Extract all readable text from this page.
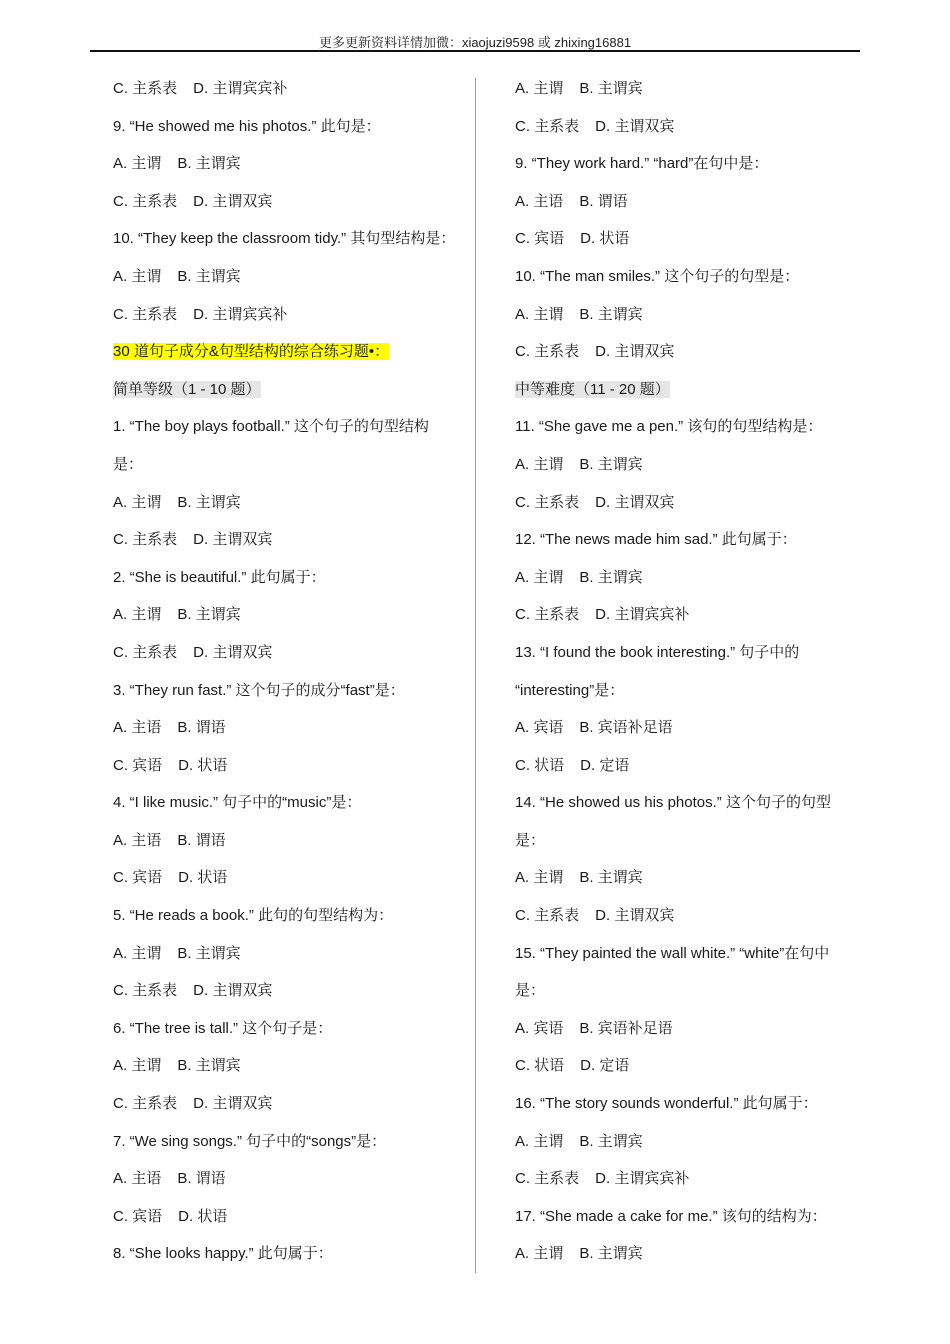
更多更新资料详情加微：xiaojuzi9598 或 zhixing16881
C. 主系表 D. 主谓宾宾补
9. “He showed me his photos.” 此句是：
A. 主谓 B. 主谓宾
C. 主系表 D. 主谓双宾
10. “They keep the classroom tidy.” 其句型结构是：
A. 主谓 B. 主谓宾
C. 主系表 D. 主谓宾宾补
30 道句子成分&句型结构的综合练习题•：
简单等级（1 - 10 题）
1. “The boy plays football.” 这个句子的句型结构
是：
A. 主谓 B. 主谓宾
C. 主系表 D. 主谓双宾
2. “She is beautiful.” 此句属于：
A. 主谓 B. 主谓宾
C. 主系表 D. 主谓双宾
3. “They run fast.” 这个句子的成分“fast”是：
A. 主语 B. 谓语
C. 宾语 D. 状语
4. “I like music.” 句子中的“music”是：
A. 主语 B. 谓语
C. 宾语 D. 状语
5. “He reads a book.” 此句的句型结构为：
A. 主谓 B. 主谓宾
C. 主系表 D. 主谓双宾
6. “The tree is tall.” 这个句子是：
A. 主谓 B. 主谓宾
C. 主系表 D. 主谓双宾
7. “We sing songs.” 句子中的“songs”是：
A. 主语 B. 谓语
C. 宾语 D. 状语
8. “She looks happy.” 此句属于：
A. 主谓 B. 主谓宾
C. 主系表 D. 主谓双宾
9. “They work hard.” “hard”在句中是：
A. 主语 B. 谓语
C. 宾语 D. 状语
10. “The man smiles.” 这个句子的句型是：
A. 主谓 B. 主谓宾
C. 主系表 D. 主谓双宾
中等难度（11 - 20 题）
11. “She gave me a pen.” 该句的句型结构是：
A. 主谓 B. 主谓宾
C. 主系表 D. 主谓双宾
12. “The news made him sad.” 此句属于：
A. 主谓 B. 主谓宾
C. 主系表 D. 主谓宾宾补
13. “I found the book interesting.” 句子中的
“interesting”是：
A. 宾语 B. 宾语补足语
C. 状语 D. 定语
14. “He showed us his photos.” 这个句子的句型
是：
A. 主谓 B. 主谓宾
C. 主系表 D. 主谓双宾
15. “They painted the wall white.” “white”在句中
是：
A. 宾语 B. 宾语补足语
C. 状语 D. 定语
16. “The story sounds wonderful.” 此句属于：
A. 主谓 B. 主谓宾
C. 主系表 D. 主谓宾宾补
17. “She made a cake for me.” 该句的结构为：
A. 主谓 B. 主谓宾
